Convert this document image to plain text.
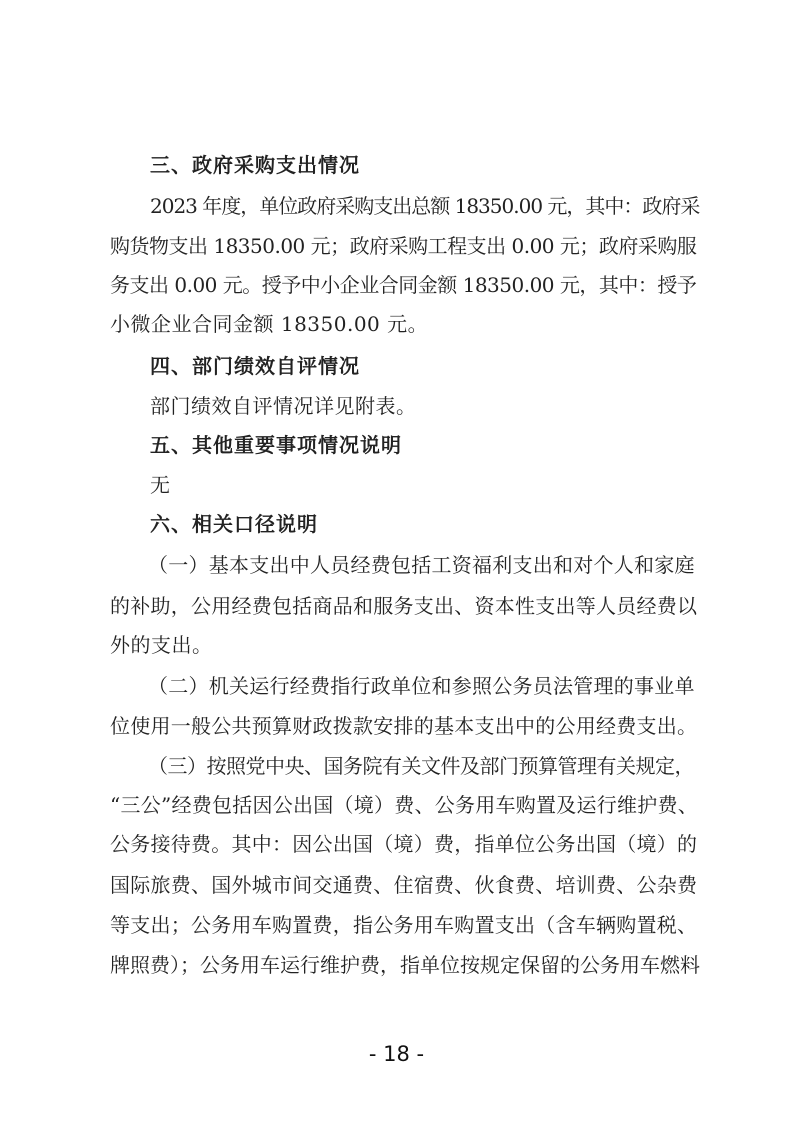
三、政府采购支出情况
2023 年度，单位政府采购支出总额 18350.00 元，其中：政府采
购货物支出 18350.00 元；政府采购工程支出 0.00 元；政府采购服
务支出 0.00 元。授予中小企业合同金额 18350.00 元，其中：授予
小微企业合同金额 18350.00 元。
四、部门绩效自评情况
部门绩效自评情况详见附表。
五、其他重要事项情况说明
无
六、相关口径说明
（一）基本支出中人员经费包括工资福利支出和对个人和家庭
的补助，公用经费包括商品和服务支出、资本性支出等人员经费以
外的支出。
（二）机关运行经费指行政单位和参照公务员法管理的事业单
位使用一般公共预算财政拨款安排的基本支出中的公用经费支出。
（三）按照党中央、国务院有关文件及部门预算管理有关规定，
“三公”经费包括因公出国（境）费、公务用车购置及运行维护费、
公务接待费。其中：因公出国（境）费，指单位公务出国（境）的
国际旅费、国外城市间交通费、住宿费、伙食费、培训费、公杂费
等支出；公务用车购置费，指公务用车购置支出（含车辆购置税、
牌照费）；公务用车运行维护费，指单位按规定保留的公务用车燃料
- 18 -
